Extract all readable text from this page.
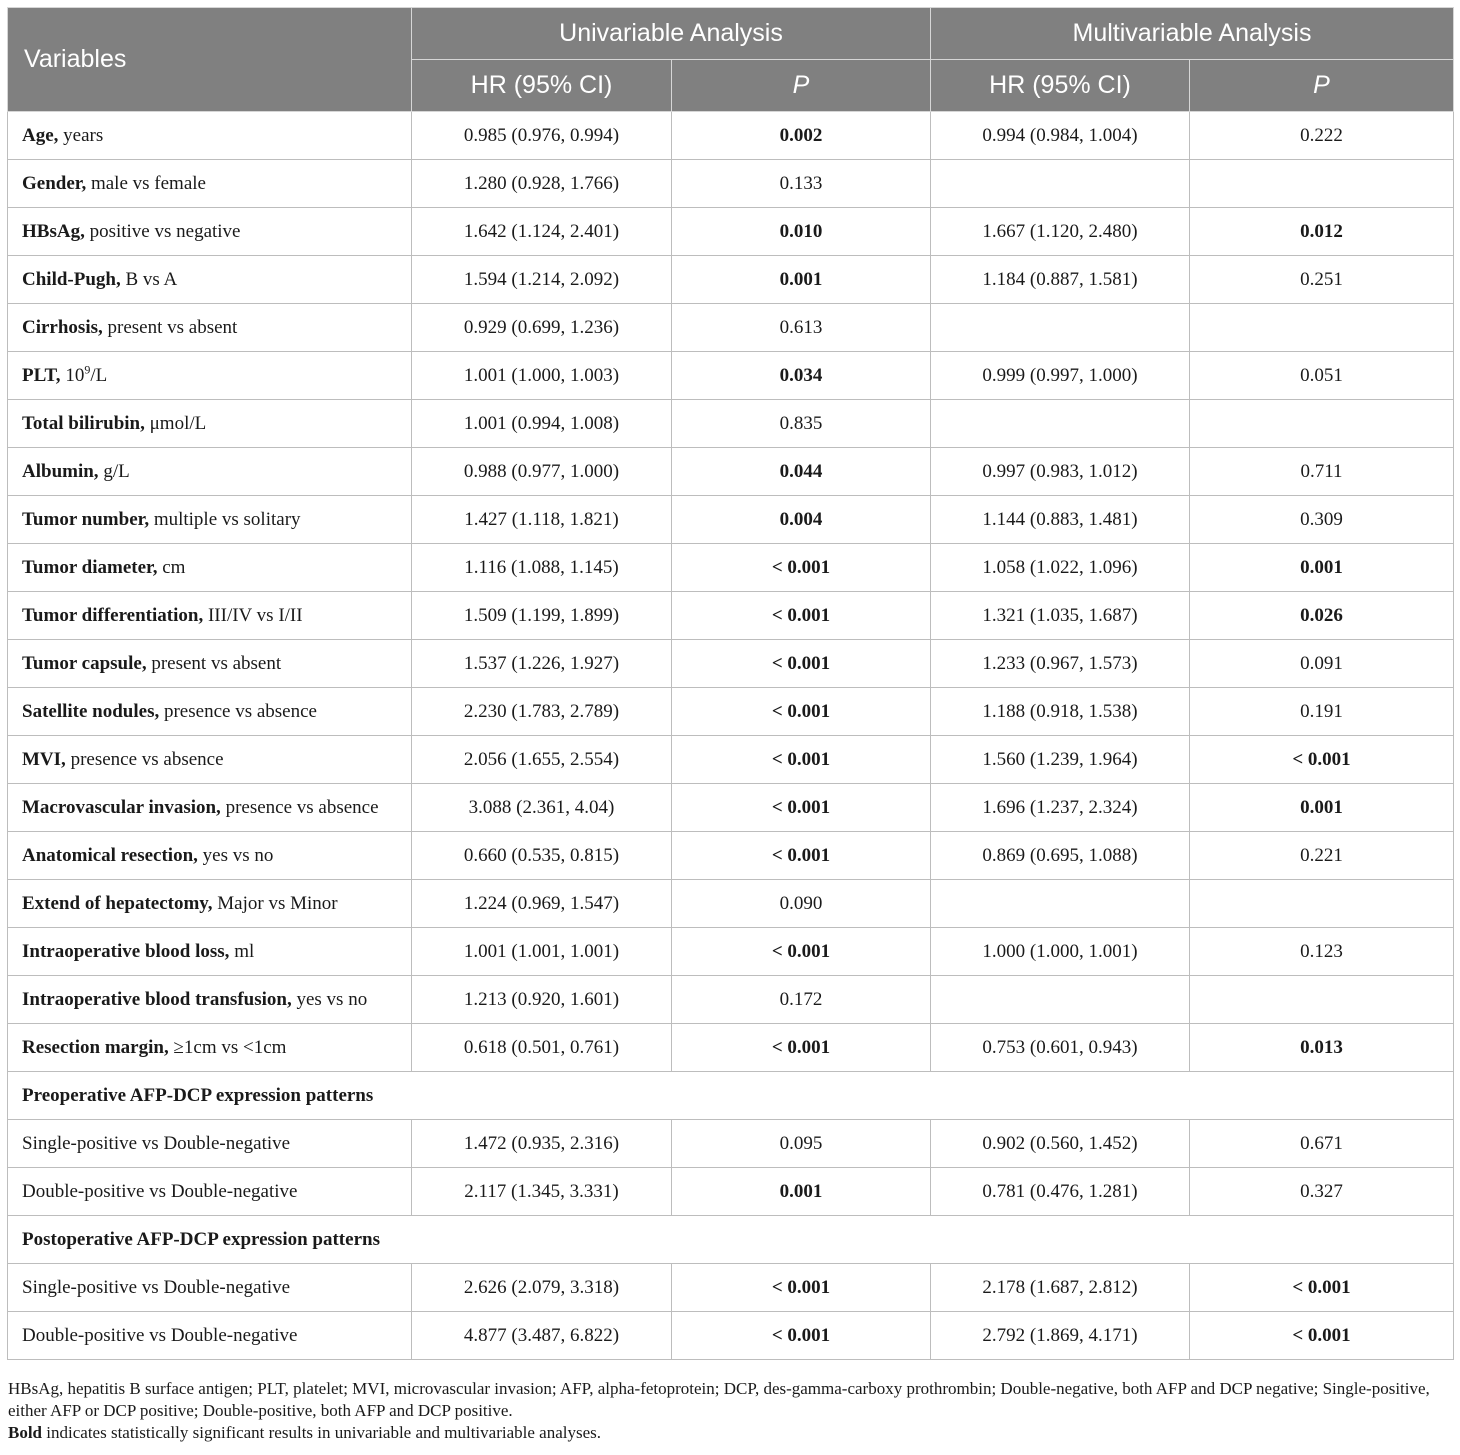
Variables	Univariable Analysis		Multivariable Analysis	
	HR (95% CI)	P	HR (95% CI)	P
Age, years	0.985 (0.976, 0.994)	0.002	0.994 (0.984, 1.004)	0.222
Gender, male vs female	1.280 (0.928, 1.766)	0.133		
HBsAg, positive vs negative	1.642 (1.124, 2.401)	0.010	1.667 (1.120, 2.480)	0.012
Child-Pugh, B vs A	1.594 (1.214, 2.092)	0.001	1.184 (0.887, 1.581)	0.251
Cirrhosis, present vs absent	0.929 (0.699, 1.236)	0.613		
PLT, $10^9/L$	1.001 (1.000, 1.003)	0.034	0.999 (0.997, 1.000)	0.051
Total bilirubin, μmol/L	1.001 (0.994, 1.008)	0.835		
Albumin, g/L	0.988 (0.977, 1.000)	0.044	0.997 (0.983, 1.012)	0.711
Tumor number, multiple vs solitary	1.427 (1.118, 1.821)	0.004	1.144 (0.883, 1.481)	0.309
Tumor diameter, cm	1.116 (1.088, 1.145)	< 0.001	1.058 (1.022, 1.096)	0.001
Tumor differentiation, III/IV vs I/II	1.509 (1.199, 1.899)	< 0.001	1.321 (1.035, 1.687)	0.026
Tumor capsule, present vs absent	1.537 (1.226, 1.927)	< 0.001	1.233 (0.967, 1.573)	0.091
Satellite nodules, presence vs absence	2.230 (1.783, 2.789)	< 0.001	1.188 (0.918, 1.538)	0.191
MVI, presence vs absence	2.056 (1.655, 2.554)	< 0.001	1.560 (1.239, 1.964)	< 0.001
Macrovascular invasion, presence vs absence	3.088 (2.361, 4.04)	< 0.001	1.696 (1.237, 2.324)	0.001
Anatomical resection, yes vs no	0.660 (0.535, 0.815)	< 0.001	0.869 (0.695, 1.088)	0.221
Extend of hepatectomy, Major vs Minor	1.224 (0.969, 1.547)	0.090		
Intraoperative blood loss, ml	1.001 (1.001, 1.001)	< 0.001	1.000 (1.000, 1.001)	0.123
Intraoperative blood transfusion, yes vs no	1.213 (0.920, 1.601)	0.172		
Resection margin, ≥1cm vs <1cm	0.618 (0.501, 0.761)	< 0.001	0.753 (0.601, 0.943)	0.013
Preoperative AFP-DCP expression patterns				
Single-positive vs Double-negative	1.472 (0.935, 2.316)	0.095	0.902 (0.560, 1.452)	0.671
Double-positive vs Double-negative	2.117 (1.345, 3.331)	0.001	0.781 (0.476, 1.281)	0.327
Postoperative AFP-DCP expression patterns				
Single-positive vs Double-negative	2.626 (2.079, 3.318)	< 0.001	2.178 (1.687, 2.812)	< 0.001
Double-positive vs Double-negative	4.877 (3.487, 6.822)	< 0.001	2.792 (1.869, 4.171)	< 0.001

HBsAg, hepatitis B surface antigen; PLT, platelet; MVI, microvascular invasion; AFP, alpha-fetoprotein; DCP, des-gamma-carboxy prothrombin; Double-negative, both AFP and DCP negative; Single-positive, either AFP or DCP positive; Double-positive, both AFP and DCP positive.

Bold indicates statistically significant results in univariable and multivariable analyses.
